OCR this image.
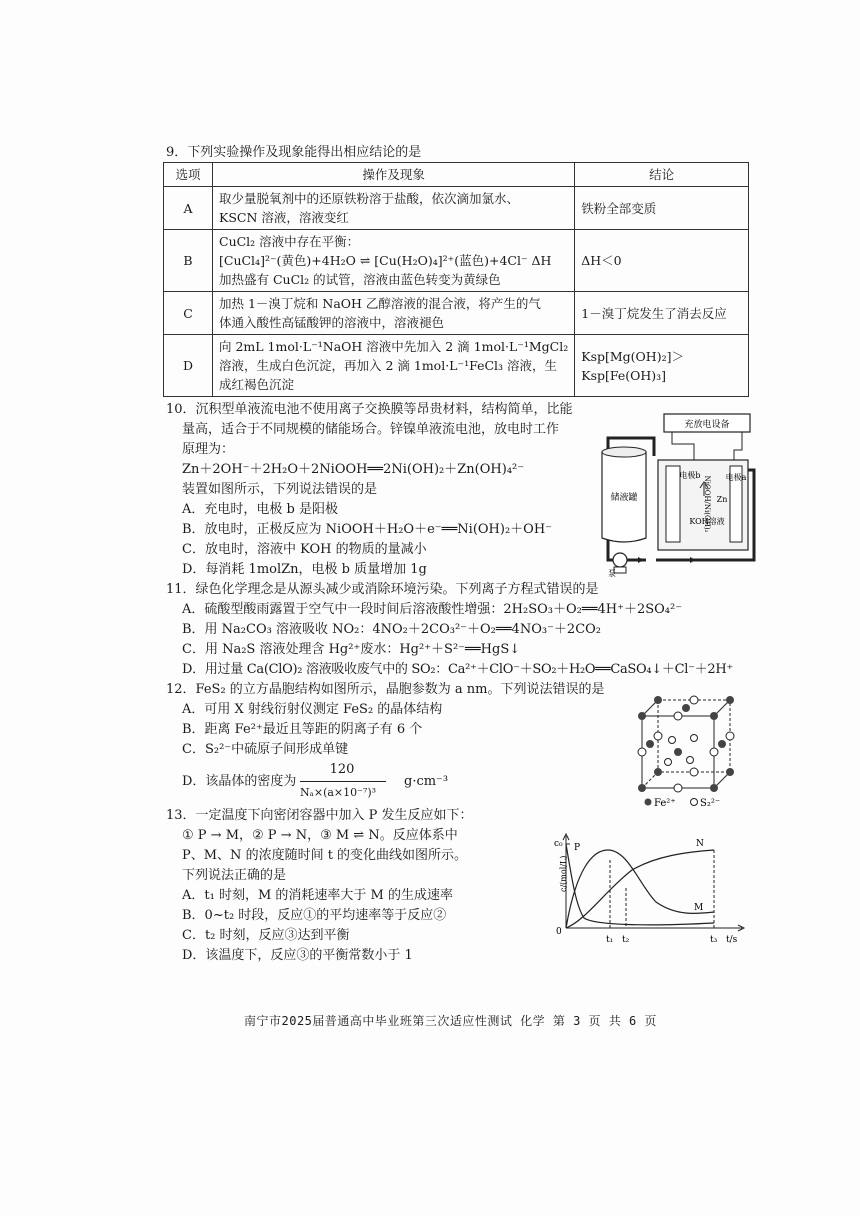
9．下列实验操作及现象能得出相应结论的是
选项	操作及现象	结论
A	取少量脱氧剂中的还原铁粉溶于盐酸，依次滴加氯水、
KSCN 溶液，溶液变红	铁粉全部变质
B	CuCl₂ 溶液中存在平衡：
[CuCl₄]²⁻(黄色)+4H₂O ⇌ [Cu(H₂O)₄]²⁺(蓝色)+4Cl⁻ ΔH
加热盛有 CuCl₂ 的试管，溶液由蓝色转变为黄绿色	ΔH＜0
C	加热 1－溴丁烷和 NaOH 乙醇溶液的混合液，将产生的气
体通入酸性高锰酸钾的溶液中，溶液褪色	1－溴丁烷发生了消去反应
D	向 2mL 1mol·L⁻¹NaOH 溶液中先加入 2 滴 1mol·L⁻¹MgCl₂
溶液，生成白色沉淀，再加入 2 滴 1mol·L⁻¹FeCl₃ 溶液，生
成红褐色沉淀	Ksp[Mg(OH)₂]＞Ksp[Fe(OH)₃]
10．沉积型单液流电池不使用离子交换膜等昂贵材料，结构简单，比能
量高，适合于不同规模的储能场合。锌镍单液流电池，放电时工作
原理为：
Zn＋2OH⁻＋2H₂O＋2NiOOH══2Ni(OH)₂＋Zn(OH)₄²⁻
装置如图所示，下列说法错误的是
A．充电时，电极 b 是阳极
B．放电时，正极反应为 NiOOH＋H₂O＋e⁻══Ni(OH)₂＋OH⁻
C．放电时，溶液中 KOH 的物质的量减小
D．每消耗 1molZn，电极 b 质量增加 1g
充放电设备
储液罐	NiOOH/Ni(OH)₂
电极b	电极a
Zn
KOH溶液
泵
11．绿色化学理念是从源头减少或消除环境污染。下列离子方程式错误的是
A．硫酸型酸雨露置于空气中一段时间后溶液酸性增强：2H₂SO₃＋O₂══4H⁺＋2SO₄²⁻
B．用 Na₂CO₃ 溶液吸收 NO₂：4NO₂＋2CO₃²⁻＋O₂══4NO₃⁻＋2CO₂
C．用 Na₂S 溶液处理含 Hg²⁺废水：Hg²⁺＋S²⁻══HgS↓
D．用过量 Ca(ClO)₂ 溶液吸收废气中的 SO₂：Ca²⁺＋ClO⁻＋SO₂＋H₂O══CaSO₄↓＋Cl⁻＋2H⁺
12．FeS₂ 的立方晶胞结构如图所示，晶胞参数为 a nm。下列说法错误的是
A．可用 X 射线衍射仪测定 FeS₂ 的晶体结构
B．距离 Fe²⁺最近且等距的阴离子有 6 个
C．S₂²⁻中硫原子间形成单键
D．该晶体的密度为
120
Nₐ×(a×10⁻⁷)³
g·cm⁻³
Fe²⁺ S₂²⁻
13．一定温度下向密闭容器中加入 P 发生反应如下：
① P → M，② P → N，③ M ⇌ N。反应体系中
P、M、N 的浓度随时间 t 的变化曲线如图所示。
下列说法正确的是
A．t₁ 时刻，M 的消耗速率大于 M 的生成速率
B．0~t₂ 时段，反应①的平均速率等于反应②
C．t₂ 时刻，反应③达到平衡
D．该温度下，反应③的平衡常数小于 1
c₀
c/(mol/L)
0
P
M
N
t₁ t₂	t₃ t/s
南宁市2025届普通高中毕业班第三次适应性测试 化学 第 3 页 共 6 页
